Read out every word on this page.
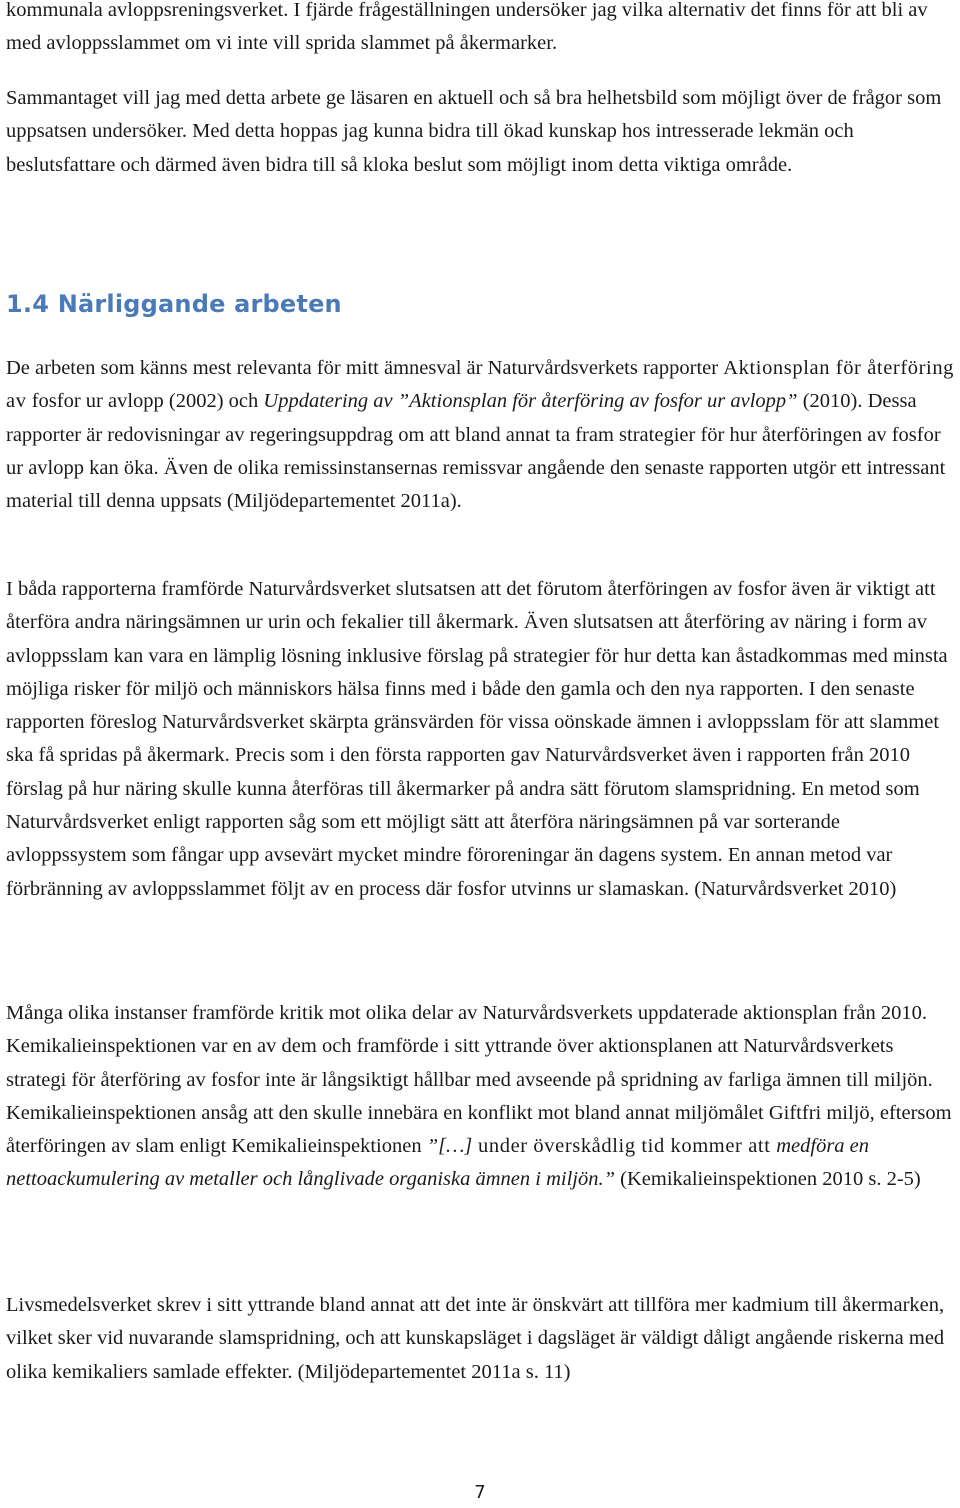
kommunala avloppsreningsverket. I fjärde frågeställningen undersöker jag vilka alternativ det finns för att bli av med avloppsslammet om vi inte vill sprida slammet på åkermarker.

Sammantaget vill jag med detta arbete ge läsaren en aktuell och så bra helhetsbild som möjligt över de frågor som uppsatsen undersöker. Med detta hoppas jag kunna bidra till ökad kunskap hos intresserade lekmän och beslutsfattare och därmed även bidra till så kloka beslut som möjligt inom detta viktiga område.

1.4 Närliggande arbeten

De arbeten som känns mest relevanta för mitt ämnesval är Naturvårdsverkets rapporter Aktionsplan för återföring av fosfor ur avlopp (2002) och Uppdatering av ”Aktionsplan för återföring av fosfor ur avlopp” (2010). Dessa rapporter är redovisningar av regeringsuppdrag om att bland annat ta fram strategier för hur återföringen av fosfor ur avlopp kan öka. Även de olika remissinstansernas remissvar angående den senaste rapporten utgör ett intressant material till denna uppsats (Miljödepartementet 2011a).

I båda rapporterna framförde Naturvårdsverket slutsatsen att det förutom återföringen av fosfor även är viktigt att återföra andra näringsämnen ur urin och fekalier till åkermark. Även slutsatsen att återföring av näring i form av avloppsslam kan vara en lämplig lösning inklusive förslag på strategier för hur detta kan åstadkommas med minsta möjliga risker för miljö och människors hälsa finns med i både den gamla och den nya rapporten. I den senaste rapporten föreslog Naturvårdsverket skärpta gränsvärden för vissa oönskade ämnen i avloppsslam för att slammet ska få spridas på åkermark. Precis som i den första rapporten gav Naturvårdsverket även i rapporten från 2010 förslag på hur näring skulle kunna återföras till åkermarker på andra sätt förutom slamspridning. En metod som Naturvårdsverket enligt rapporten såg som ett möjligt sätt att återföra näringsämnen på var sorterande avloppssystem som fångar upp avsevärt mycket mindre föroreningar än dagens system. En annan metod var förbränning av avloppsslammet följt av en process där fosfor utvinns ur slamaskan. (Naturvårdsverket 2010)

Många olika instanser framförde kritik mot olika delar av Naturvårdsverkets uppdaterade aktionsplan från 2010. Kemikalieinspektionen var en av dem och framförde i sitt yttrande över aktionsplanen att Naturvårdsverkets strategi för återföring av fosfor inte är långsiktigt hållbar med avseende på spridning av farliga ämnen till miljön. Kemikalieinspektionen ansåg att den skulle innebära en konflikt mot bland annat miljömålet Giftfri miljö, eftersom återföringen av slam enligt Kemikalieinspektionen ”[…] under överskådlig tid kommer att medföra en nettoackumulering av metaller och långlivade organiska ämnen i miljön.” (Kemikalieinspektionen 2010 s. 2-5)

Livsmedelsverket skrev i sitt yttrande bland annat att det inte är önskvärt att tillföra mer kadmium till åkermarken, vilket sker vid nuvarande slamspridning, och att kunskapsläget i dagsläget är väldigt dåligt angående riskerna med olika kemikaliers samlade effekter. (Miljödepartementet 2011a s. 11)

7
